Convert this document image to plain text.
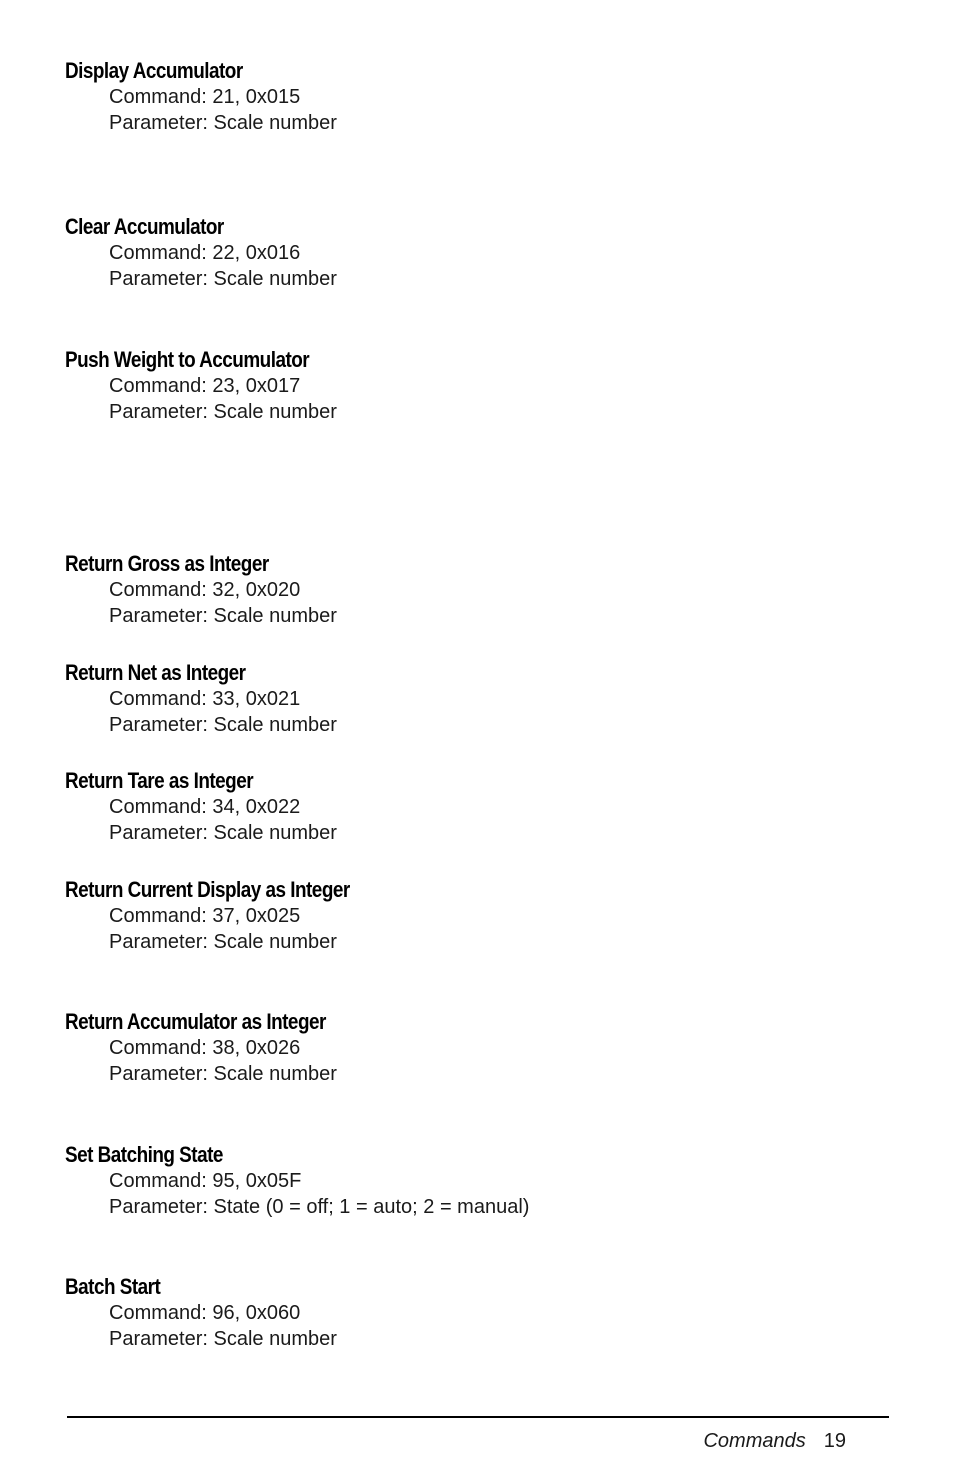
Display Accumulator

Command: 21, 0x015

Parameter: Scale number

Clear Accumulator

Command: 22, 0x016

Parameter: Scale number

Push Weight to Accumulator

Command: 23, 0x017

Parameter: Scale number

Return Gross as Integer

Command: 32, 0x020

Parameter: Scale number

Return Net as Integer

Command: 33, 0x021

Parameter: Scale number

Return Tare as Integer

Command: 34, 0x022

Parameter: Scale number

Return Current Display as Integer

Command: 37, 0x025

Parameter: Scale number

Return Accumulator as Integer

Command: 38, 0x026

Parameter: Scale number

Set Batching State

Command: 95, 0x05F

Parameter: State (0 = off; 1 = auto; 2 = manual)

Batch Start

Command: 96, 0x060

Parameter: Scale number

Commands 19
